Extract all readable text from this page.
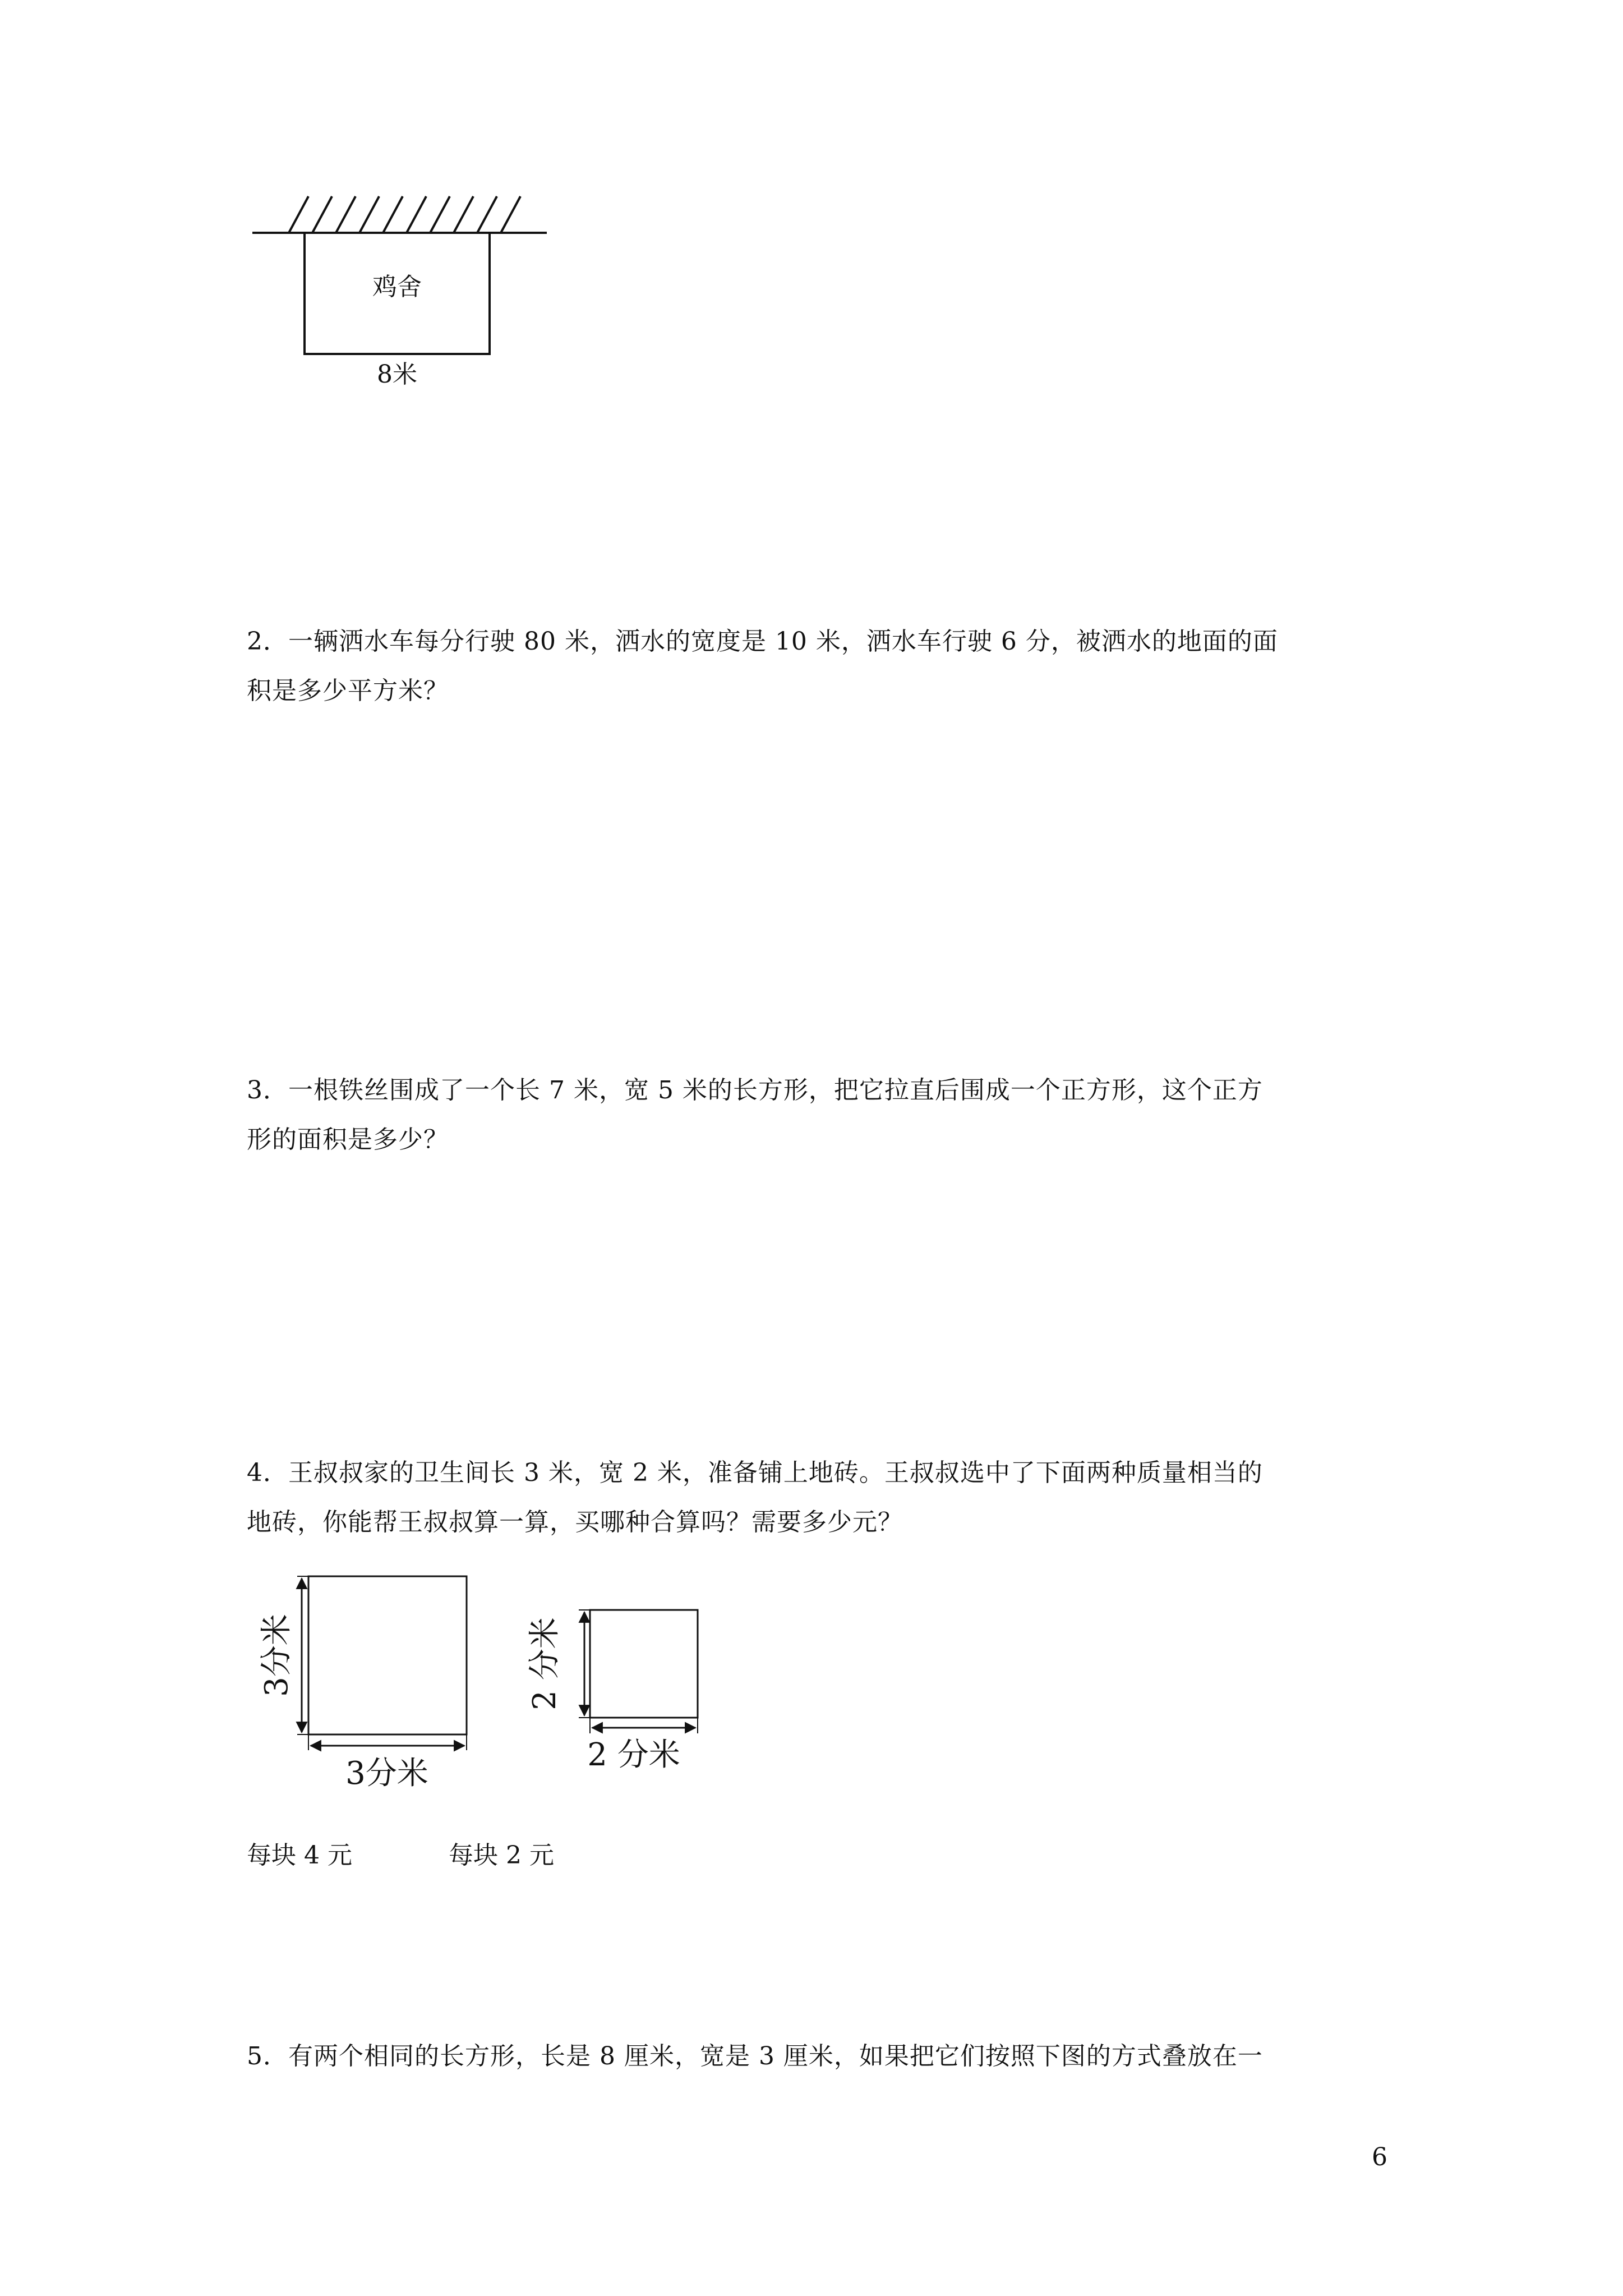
鸡舍
8米
2．一辆洒水车每分行驶 80 米，洒水的宽度是 10 米，洒水车行驶 6 分，被洒水的地面的面
积是多少平方米？
3．一根铁丝围成了一个长 7 米，宽 5 米的长方形，把它拉直后围成一个正方形，这个正方
形的面积是多少？
4．王叔叔家的卫生间长 3 米，宽 2 米，准备铺上地砖。王叔叔选中了下面两种质量相当的
地砖，你能帮王叔叔算一算，买哪种合算吗？需要多少元？
3分米
3分米
2 分米
2 分米
每块 4 元	每块 2 元
5．有两个相同的长方形，长是 8 厘米，宽是 3 厘米，如果把它们按照下图的方式叠放在一
6
